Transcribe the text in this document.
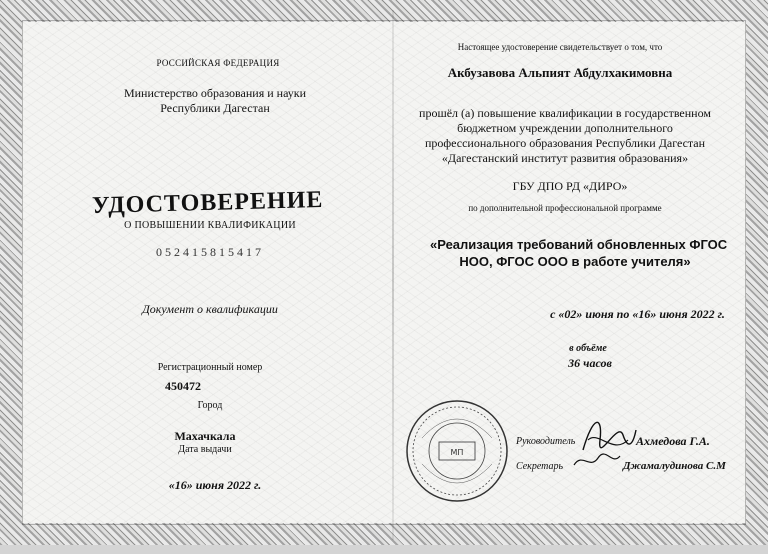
РОССИЙСКАЯ ФЕДЕРАЦИЯ
Министерство образования и науки
Республики Дагестан
УДОСТОВЕРЕНИЕ
О ПОВЫШЕНИИ КВАЛИФИКАЦИИ
052415815417
Документ о квалификации
Регистрационный номер
450472
Город
Махачкала
Дата выдачи
«16» июня 2022 г.
Настоящее удостоверение свидетельствует о том, что
Акбузавова Альпият Абдулхакимовна
прошёл (а) повышение квалификации в государственном
бюджетном учреждении дополнительного
профессионального образования Республики Дагестан
«Дагестанский институт развития образования»
ГБУ ДПО РД «ДИРО»
по дополнительной профессиональной программе
«Реализация требований обновленных ФГОС
НОО, ФГОС ООО в работе учителя»
с «02» июня по «16» июня 2022 г.
в объёме
36 часов
МП
Руководитель	Ахмедова Г.А.
Секретарь	Джамалудинова С.М
